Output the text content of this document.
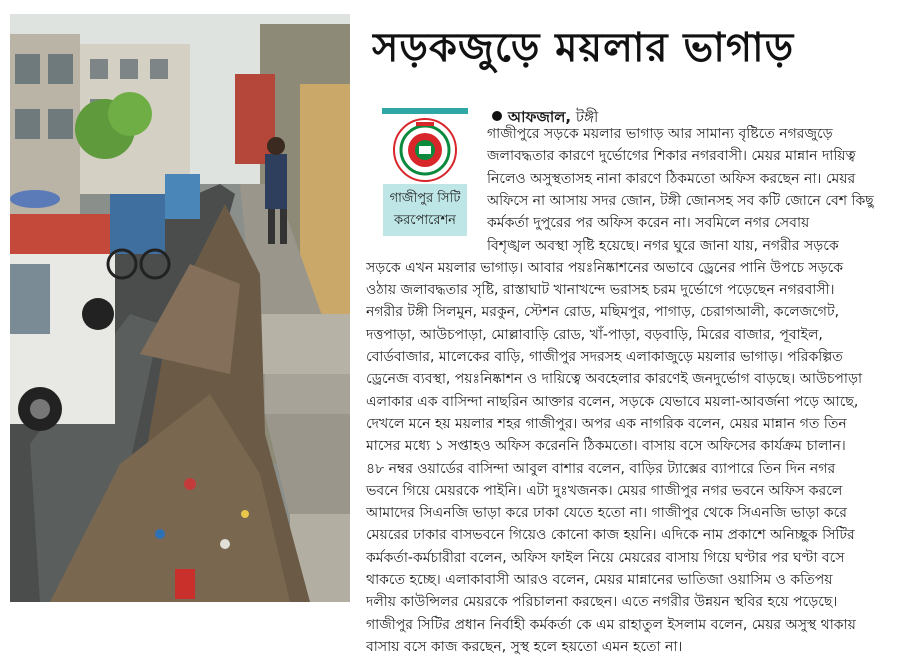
সড়কজুড়ে ময়লার ভাগাড়
গাজীপুর সিটি
করপোরেশন
আফজাল, টঙ্গী
গাজীপুরে সড়কে ময়লার ভাগাড় আর সামান্য বৃষ্টিতে নগরজুড়ে
জলাবদ্ধতার কারণে দুর্ভোগের শিকার নগরবাসী। মেয়র মান্নান দায়িত্ব
নিলেও অসুস্থতাসহ নানা কারণে ঠিকমতো অফিস করছেন না। মেয়র
অফিসে না আসায় সদর জোন, টঙ্গী জোনসহ সব কটি জোনে বেশ কিছু
কর্মকর্তা দুপুরের পর অফিস করেন না। সবমিলে নগর সেবায়
বিশৃঙ্খল অবস্থা সৃষ্টি হয়েছে। নগর ঘুরে জানা যায়, নগরীর সড়কে
সড়কে এখন ময়লার ভাগাড়। আবার পয়ঃনিষ্কাশনের অভাবে ড্রেনের পানি উপচে সড়কে
ওঠায় জলাবদ্ধতার সৃষ্টি, রাস্তাঘাট খানাখন্দে ভরাসহ চরম দুর্ভোগে পড়েছেন নগরবাসী।
নগরীর টঙ্গী সিলমুন, মরকুন, স্টেশন রোড, মছিমপুর, পাগাড়, চেরাগআলী, কলেজগেট,
দত্তপাড়া, আউচপাড়া, মোল্লাবাড়ি রোড, খাঁ-পাড়া, বড়বাড়ি, মিরের বাজার, পূবাইল,
বোর্ডবাজার, মালেকের বাড়ি, গাজীপুর সদরসহ এলাকাজুড়ে ময়লার ভাগাড়। পরিকল্পিত
ড্রেনেজ ব্যবস্থা, পয়ঃনিষ্কাশন ও দায়িত্বে অবহেলার কারণেই জনদুর্ভোগ বাড়ছে। আউচপাড়া
এলাকার এক বাসিন্দা নাছরিন আক্তার বলেন, সড়কে যেভাবে ময়লা-আবর্জনা পড়ে আছে,
দেখলে মনে হয় ময়লার শহর গাজীপুর। অপর এক নাগরিক বলেন, মেয়র মান্নান গত তিন
মাসের মধ্যে ১ সপ্তাহও অফিস করেননি ঠিকমতো। বাসায় বসে অফিসের কার্যক্রম চালান।
৪৮ নম্বর ওয়ার্ডের বাসিন্দা আবুল বাশার বলেন, বাড়ির ট্যাক্সের ব্যাপারে তিন দিন নগর
ভবনে গিয়ে মেয়রকে পাইনি। এটা দুঃখজনক। মেয়র গাজীপুর নগর ভবনে অফিস করলে
আমাদের সিএনজি ভাড়া করে ঢাকা যেতে হতো না। গাজীপুর থেকে সিএনজি ভাড়া করে
মেয়রের ঢাকার বাসভবনে গিয়েও কোনো কাজ হয়নি। এদিকে নাম প্রকাশে অনিচ্ছুক সিটির
কর্মকর্তা-কর্মচারীরা বলেন, অফিস ফাইল নিয়ে মেয়রের বাসায় গিয়ে ঘণ্টার পর ঘণ্টা বসে
থাকতে হচ্ছে। এলাকাবাসী আরও বলেন, মেয়র মান্নানের ভাতিজা ওয়াসিম ও কতিপয়
দলীয় কাউন্সিলর মেয়রকে পরিচালনা করছেন। এতে নগরীর উন্নয়ন স্থবির হয়ে পড়েছে।
গাজীপুর সিটির প্রধান নির্বাহী কর্মকর্তা কে এম রাহাতুল ইসলাম বলেন, মেয়র অসুস্থ থাকায়
বাসায় বসে কাজ করছেন, সুস্থ হলে হয়তো এমন হতো না।
